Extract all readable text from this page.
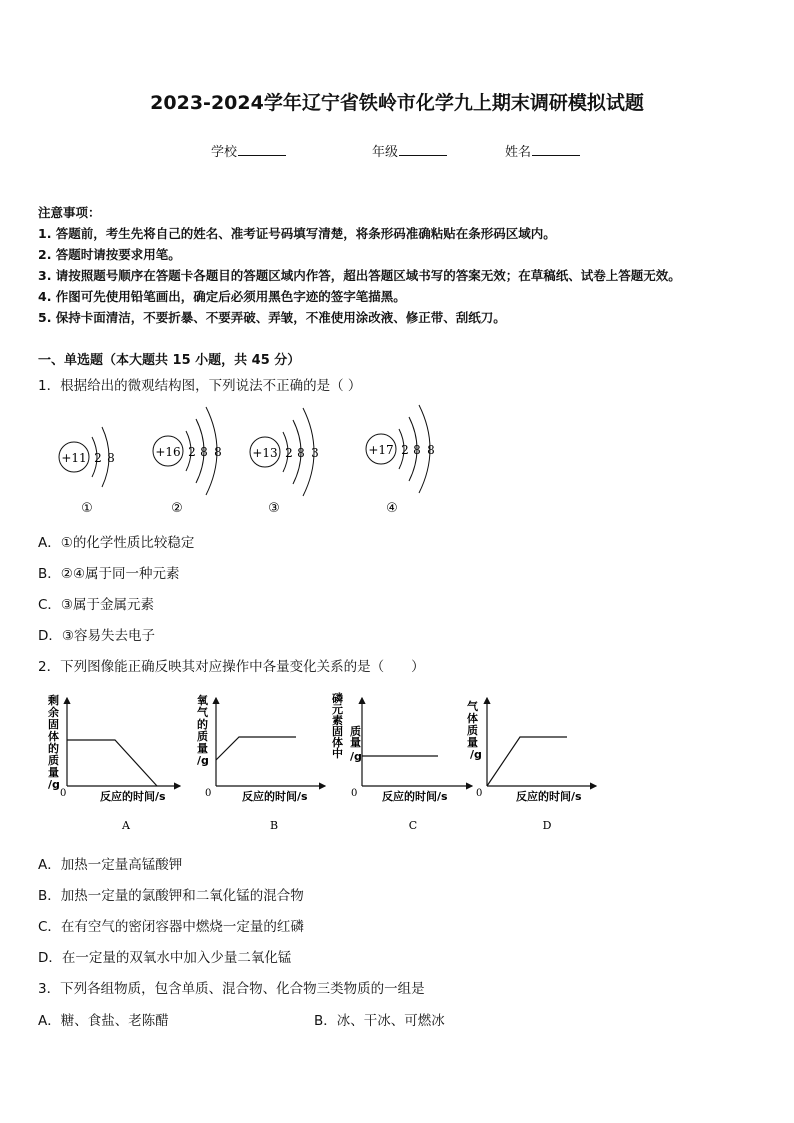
2023-2024学年辽宁省铁岭市化学九上期末调研模拟试题
学校	年级	姓名
注意事项：
1. 答题前，考生先将自己的姓名、准考证号码填写清楚，将条形码准确粘贴在条形码区域内。
2. 答题时请按要求用笔。
3. 请按照题号顺序在答题卡各题目的答题区域内作答，超出答题区域书写的答案无效；在草稿纸、试卷上答题无效。
4. 作图可先使用铅笔画出，确定后必须用黑色字迹的签字笔描黑。
5. 保持卡面清洁，不要折暴、不要弄破、弄皱，不准使用涂改液、修正带、刮纸刀。
一、单选题（本大题共 15 小题，共 45 分）
1．根据给出的微观结构图，下列说法不正确的是（ ）
+11 2 8
①
+16 2 8 8
②
+13 2 8 3
③
+17 2 8 8
④
A．①的化学性质比较稳定
B．②④属于同一种元素
C．③属于金属元素
D．③容易失去电子
2．下列图像能正确反映其对应操作中各量变化关系的是（　　）
剩
余
固
体
的
质
量
/g
0	反应的时间/s
A
氧
气
的
质
量
/g
0	反应的时间/s
B
磷
元
素
固
体
中
质
量
/g
0 反应的时间/s
C
气
体
质
量
/g
0	反应的时间/s
D
A．加热一定量高锰酸钾
B．加热一定量的氯酸钾和二氧化锰的混合物
C．在有空气的密闭容器中燃烧一定量的红磷
D．在一定量的双氧水中加入少量二氧化锰
3．下列各组物质，包含单质、混合物、化合物三类物质的一组是
A．糖、食盐、老陈醋	B．冰、干冰、可燃冰
